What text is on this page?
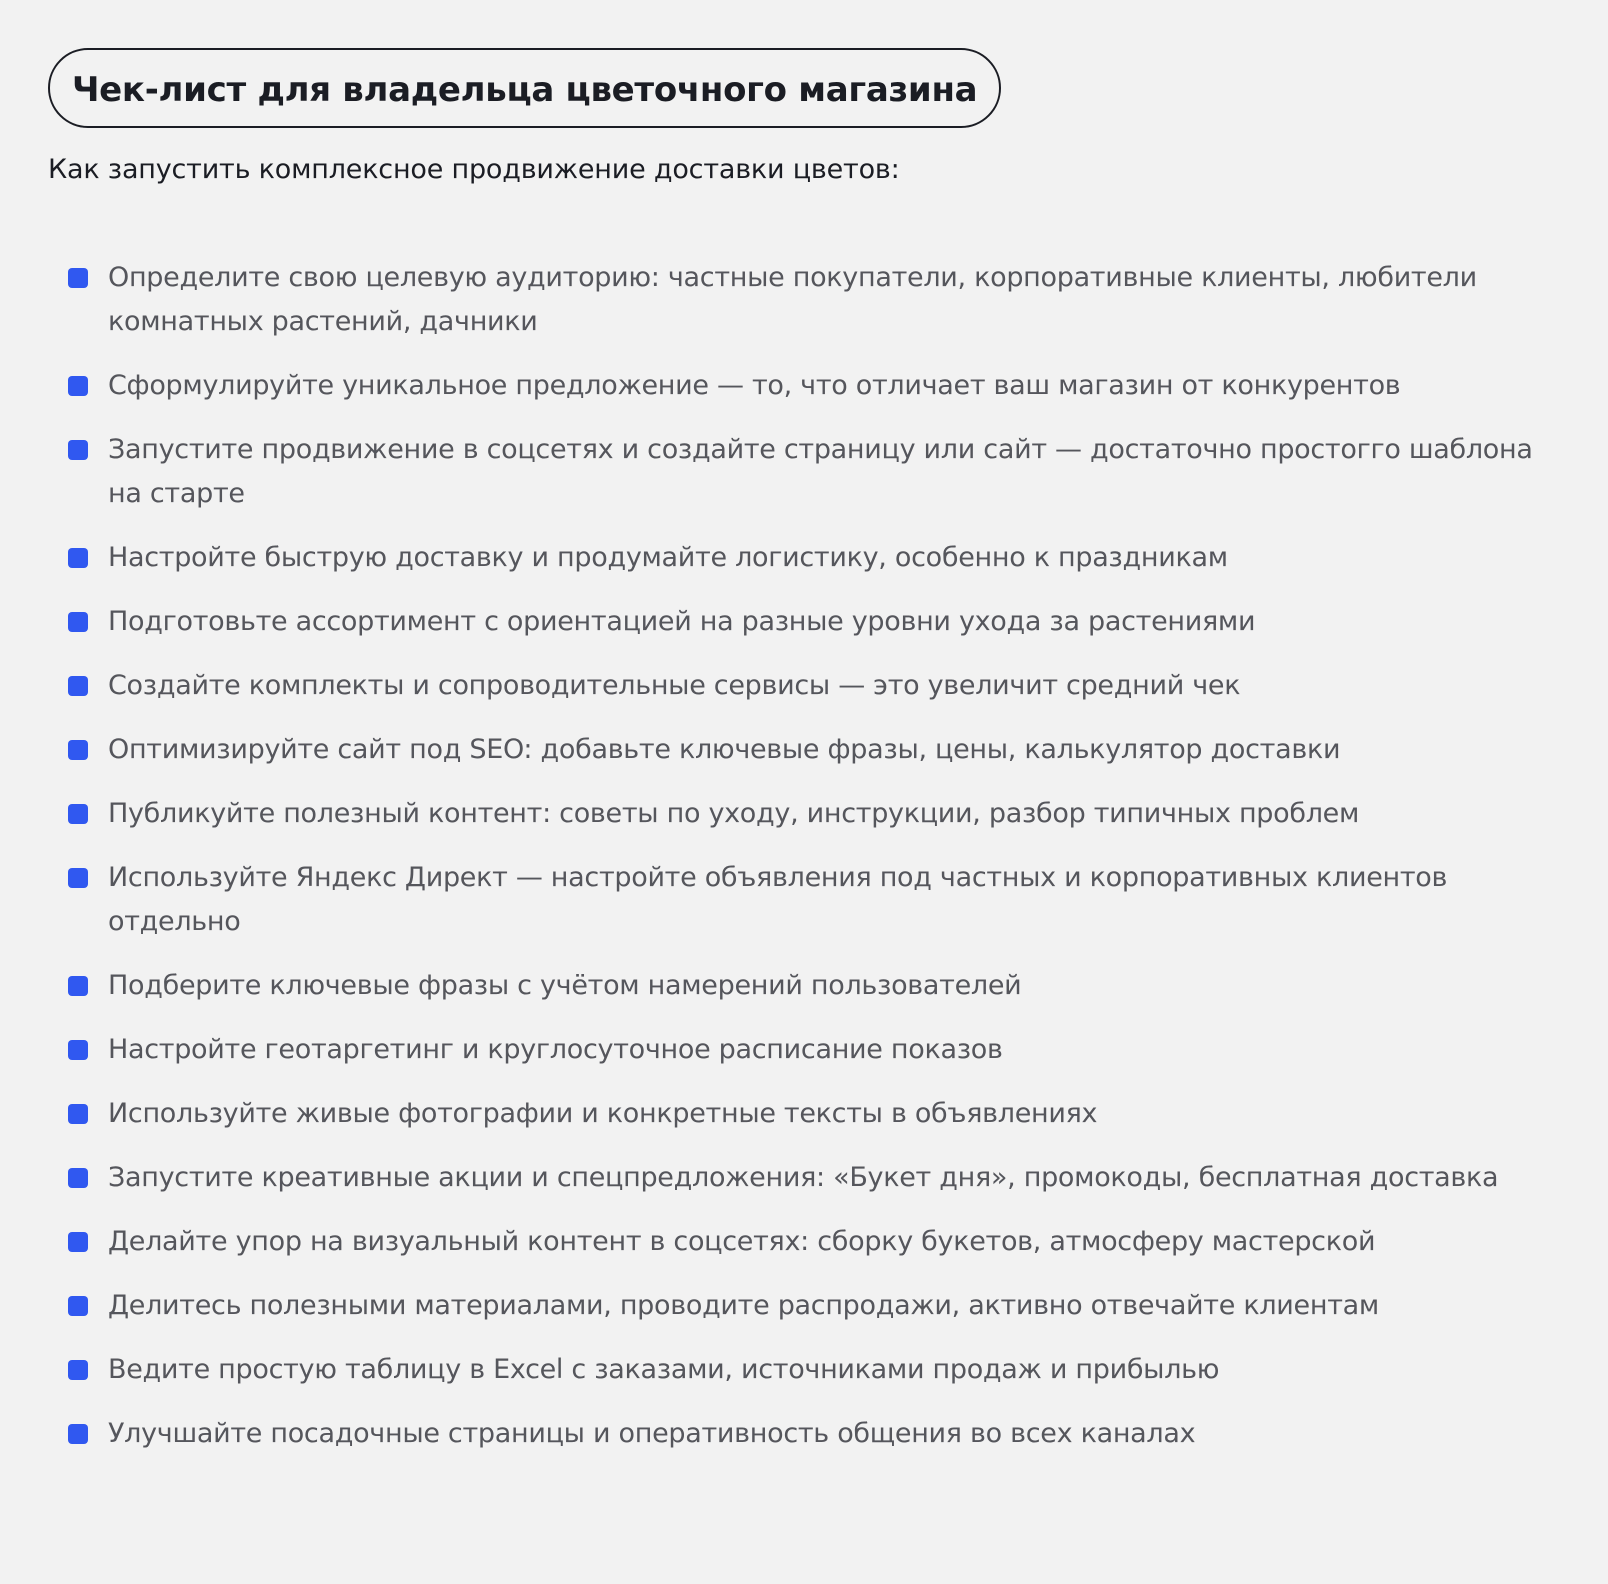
Чек-лист для владельца цветочного магазина
Как запустить комплексное продвижение доставки цветов:
Определите свою целевую аудиторию: частные покупатели, корпоративные клиенты, любители комнатных растений, дачники
Сформулируйте уникальное предложение — то, что отличает ваш магазин от конкурентов
Запустите продвижение в соцсетях и создайте страницу или сайт — достаточно простогго шаблона на старте
Настройте быструю доставку и продумайте логистику, особенно к праздникам
Подготовьте ассортимент с ориентацией на разные уровни ухода за растениями
Создайте комплекты и сопроводительные сервисы — это увеличит средний чек
Оптимизируйте сайт под SEO: добавьте ключевые фразы, цены, калькулятор доставки
Публикуйте полезный контент: советы по уходу, инструкции, разбор типичных проблем
Используйте Яндекс Директ — настройте объявления под частных и корпоративных клиентов отдельно
Подберите ключевые фразы с учётом намерений пользователей
Настройте геотаргетинг и круглосуточное расписание показов
Используйте живые фотографии и конкретные тексты в объявлениях
Запустите креативные акции и спецпредложения: «Букет дня», промокоды, бесплатная доставка
Делайте упор на визуальный контент в соцсетях: сборку букетов, атмосферу мастерской
Делитесь полезными материалами, проводите распродажи, активно отвечайте клиентам
Ведите простую таблицу в Excel с заказами, источниками продаж и прибылью
Улучшайте посадочные страницы и оперативность общения во всех каналах
